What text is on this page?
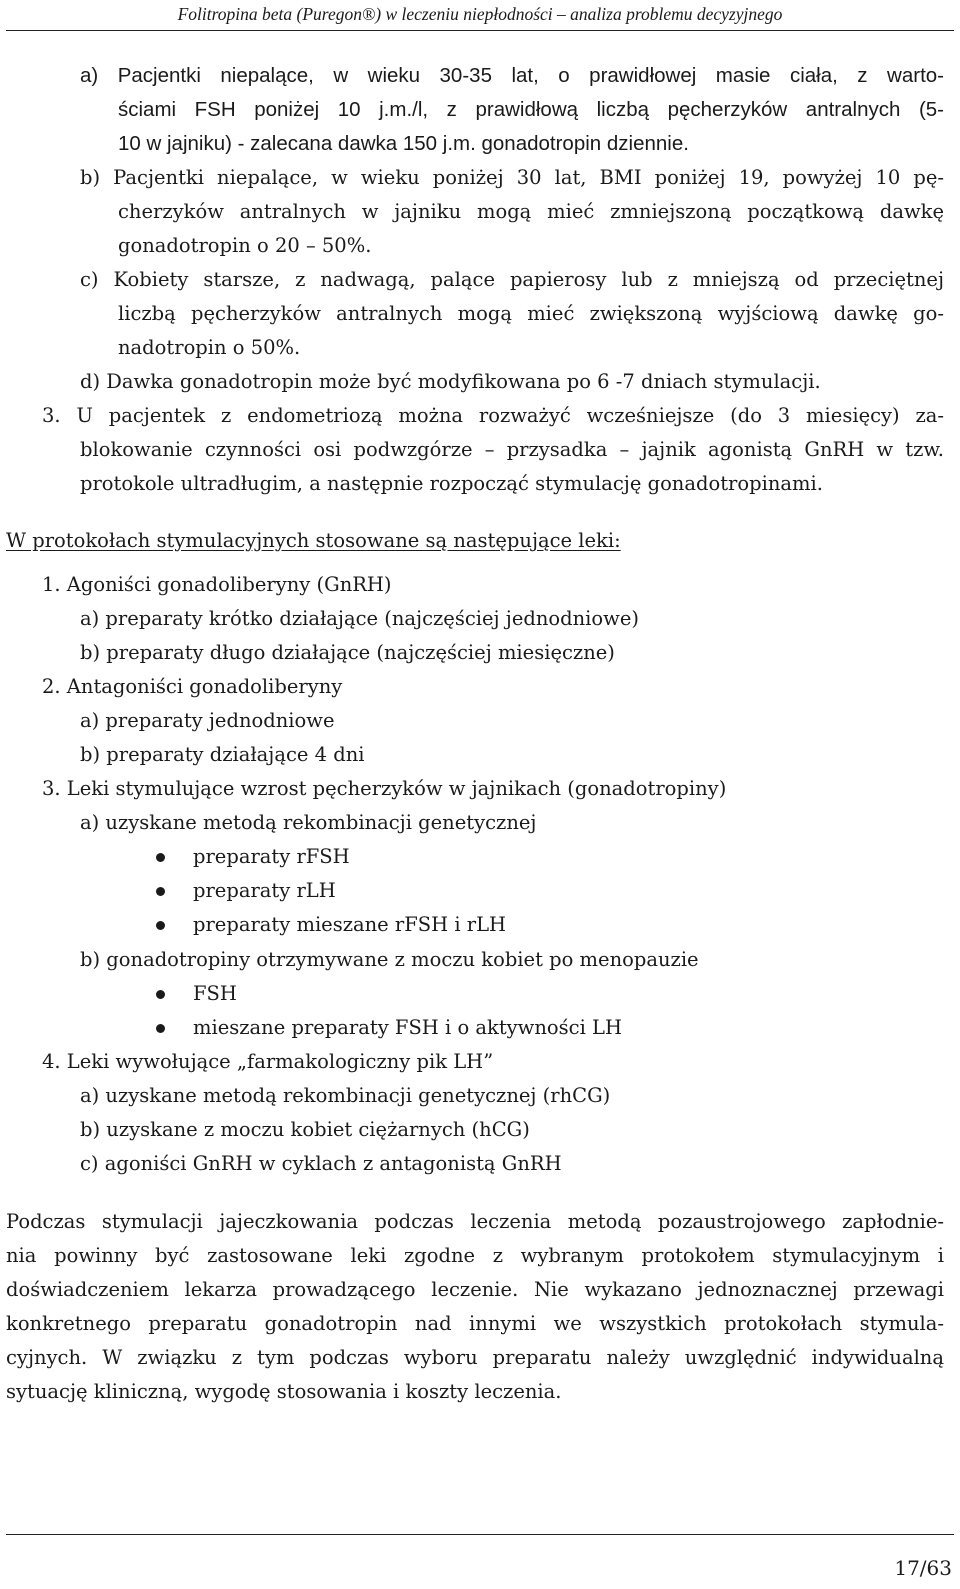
Folitropina beta (Puregon®) w leczeniu niepłodności – analiza problemu decyzyjnego
a) Pacjentki niepalące, w wieku 30-35 lat, o prawidłowej masie ciała, z warto-
ściami FSH poniżej 10 j.m./l, z prawidłową liczbą pęcherzyków antralnych (5-
10 w jajniku) - zalecana dawka 150 j.m. gonadotropin dziennie.
b) Pacjentki niepalące, w wieku poniżej 30 lat, BMI poniżej 19, powyżej 10 pę-
cherzyków antralnych w jajniku mogą mieć zmniejszoną początkową dawkę
gonadotropin o 20 – 50%.
c) Kobiety starsze, z nadwagą, palące papierosy lub z mniejszą od przeciętnej
liczbą pęcherzyków antralnych mogą mieć zwiększoną wyjściową dawkę go-
nadotropin o 50%.
d) Dawka gonadotropin może być modyfikowana po 6 -7 dniach stymulacji.
3. U pacjentek z endometriozą można rozważyć wcześniejsze (do 3 miesięcy) za-
blokowanie czynności osi podwzgórze – przysadka – jajnik agonistą GnRH w tzw.
protokole ultradługim, a następnie rozpocząć stymulację gonadotropinami.
W protokołach stymulacyjnych stosowane są następujące leki:
1. Agoniści gonadoliberyny (GnRH)
a) preparaty krótko działające (najczęściej jednodniowe)
b) preparaty długo działające (najczęściej miesięczne)
2. Antagoniści gonadoliberyny
a) preparaty jednodniowe
b) preparaty działające 4 dni
3. Leki stymulujące wzrost pęcherzyków w jajnikach (gonadotropiny)
a) uzyskane metodą rekombinacji genetycznej
preparaty rFSH
preparaty rLH
preparaty mieszane rFSH i rLH
b) gonadotropiny otrzymywane z moczu kobiet po menopauzie
FSH
mieszane preparaty FSH i o aktywności LH
4. Leki wywołujące „farmakologiczny pik LH”
a) uzyskane metodą rekombinacji genetycznej (rhCG)
b) uzyskane z moczu kobiet ciężarnych (hCG)
c) agoniści GnRH w cyklach z antagonistą GnRH
Podczas stymulacji jajeczkowania podczas leczenia metodą pozaustrojowego zapłodnie-
nia powinny być zastosowane leki zgodne z wybranym protokołem stymulacyjnym i
doświadczeniem lekarza prowadzącego leczenie. Nie wykazano jednoznacznej przewagi
konkretnego preparatu gonadotropin nad innymi we wszystkich protokołach stymula-
cyjnych. W związku z tym podczas wyboru preparatu należy uwzględnić indywidualną
sytuację kliniczną, wygodę stosowania i koszty leczenia.
17/63
